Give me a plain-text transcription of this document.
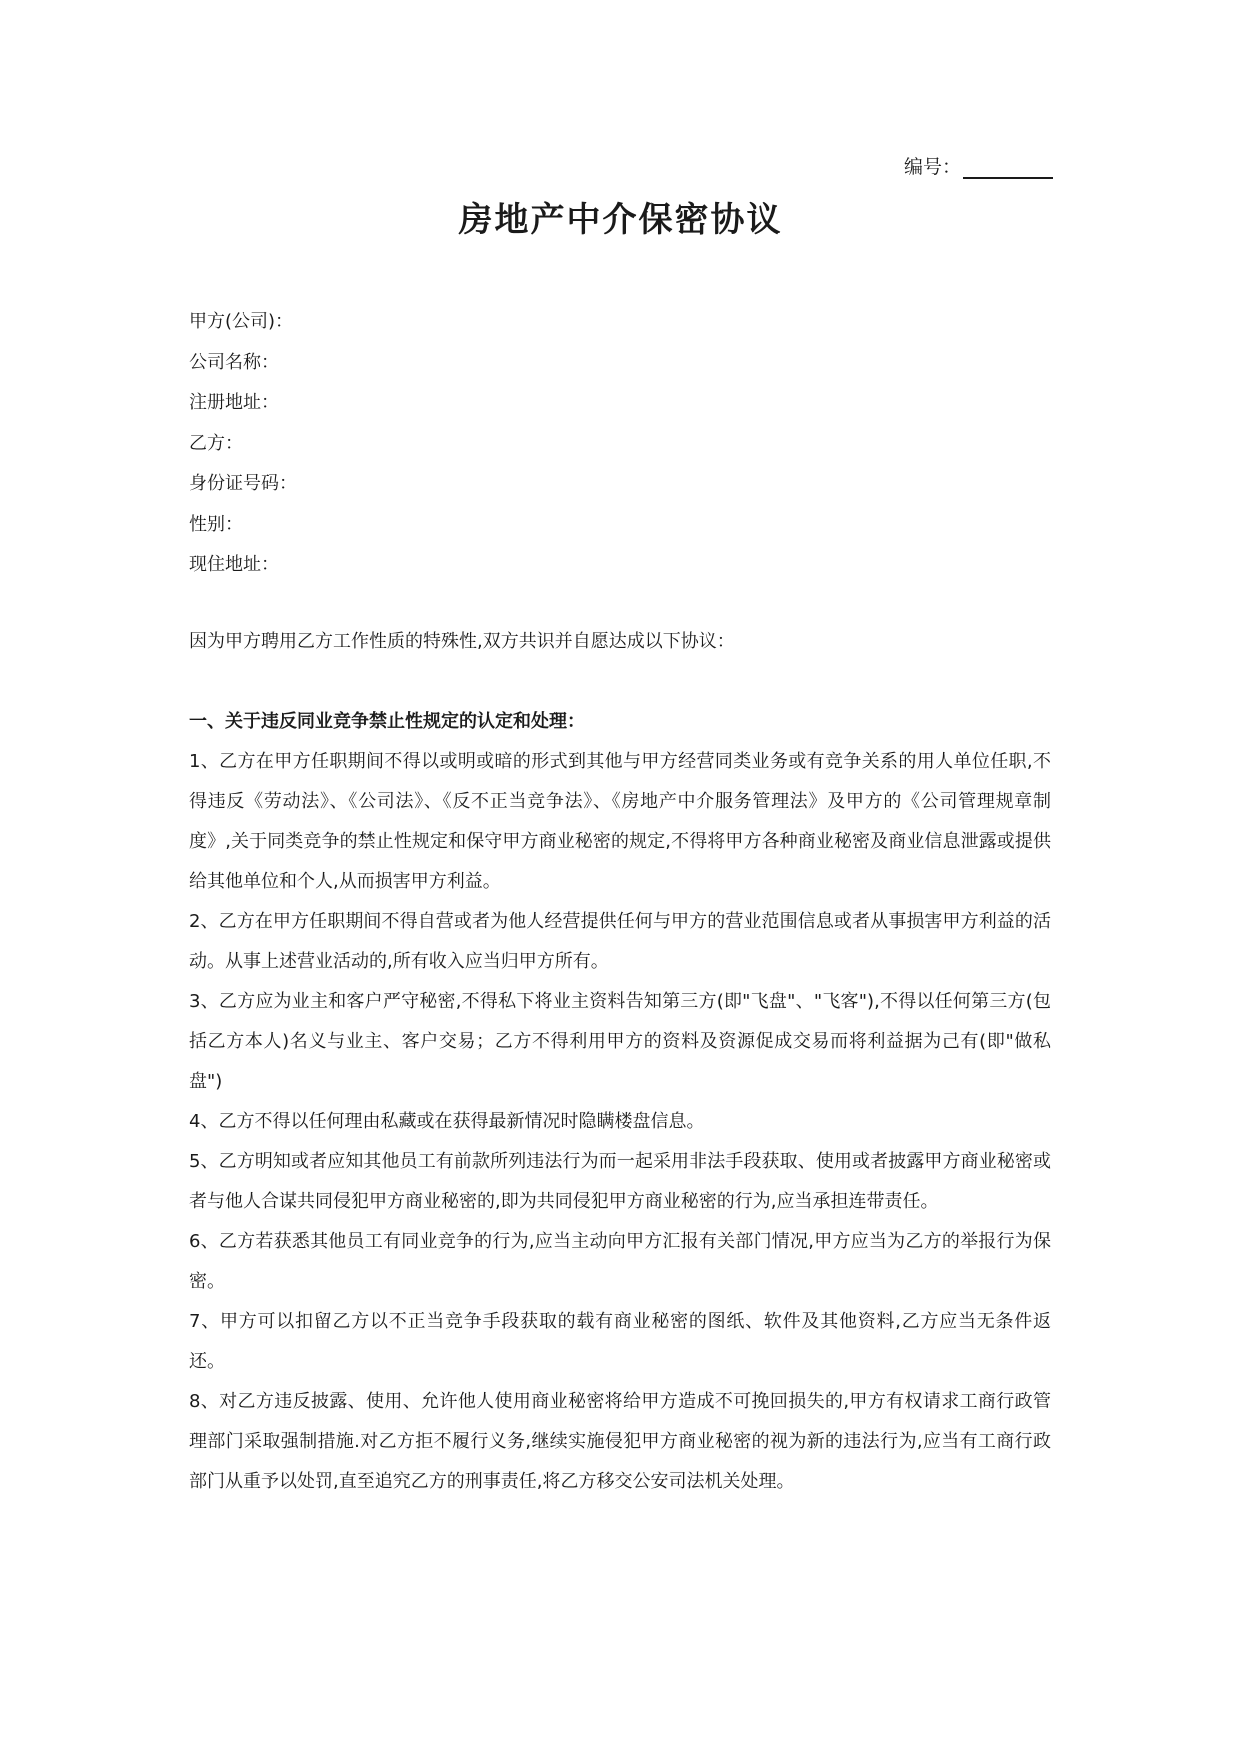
编号：
房地产中介保密协议
甲方(公司)：
公司名称：
注册地址：
乙方：
身份证号码：
性别：
现住地址：
因为甲方聘用乙方工作性质的特殊性,双方共识并自愿达成以下协议：
一、关于违反同业竞争禁止性规定的认定和处理：

1、乙方在甲方任职期间不得以或明或暗的形式到其他与甲方经营同类业务或有竞争关系的用人单位任职,不得违反《劳动法》、《公司法》、《反不正当竞争法》、《房地产中介服务管理法》及甲方的《公司管理规章制度》,关于同类竞争的禁止性规定和保守甲方商业秘密的规定,不得将甲方各种商业秘密及商业信息泄露或提供给其他单位和个人,从而损害甲方利益。

2、乙方在甲方任职期间不得自营或者为他人经营提供任何与甲方的营业范围信息或者从事损害甲方利益的活动。从事上述营业活动的,所有收入应当归甲方所有。

3、乙方应为业主和客户严守秘密,不得私下将业主资料告知第三方(即"飞盘"、"飞客"),不得以任何第三方(包括乙方本人)名义与业主、客户交易；乙方不得利用甲方的资料及资源促成交易而将利益据为己有(即"做私盘")

4、乙方不得以任何理由私藏或在获得最新情况时隐瞒楼盘信息。

5、乙方明知或者应知其他员工有前款所列违法行为而一起采用非法手段获取、使用或者披露甲方商业秘密或者与他人合谋共同侵犯甲方商业秘密的,即为共同侵犯甲方商业秘密的行为,应当承担连带责任。

6、乙方若获悉其他员工有同业竞争的行为,应当主动向甲方汇报有关部门情况,甲方应当为乙方的举报行为保密。

7、甲方可以扣留乙方以不正当竞争手段获取的载有商业秘密的图纸、软件及其他资料,乙方应当无条件返还。

8、对乙方违反披露、使用、允许他人使用商业秘密将给甲方造成不可挽回损失的,甲方有权请求工商行政管理部门采取强制措施.对乙方拒不履行义务,继续实施侵犯甲方商业秘密的视为新的违法行为,应当有工商行政部门从重予以处罚,直至追究乙方的刑事责任,将乙方移交公安司法机关处理。
